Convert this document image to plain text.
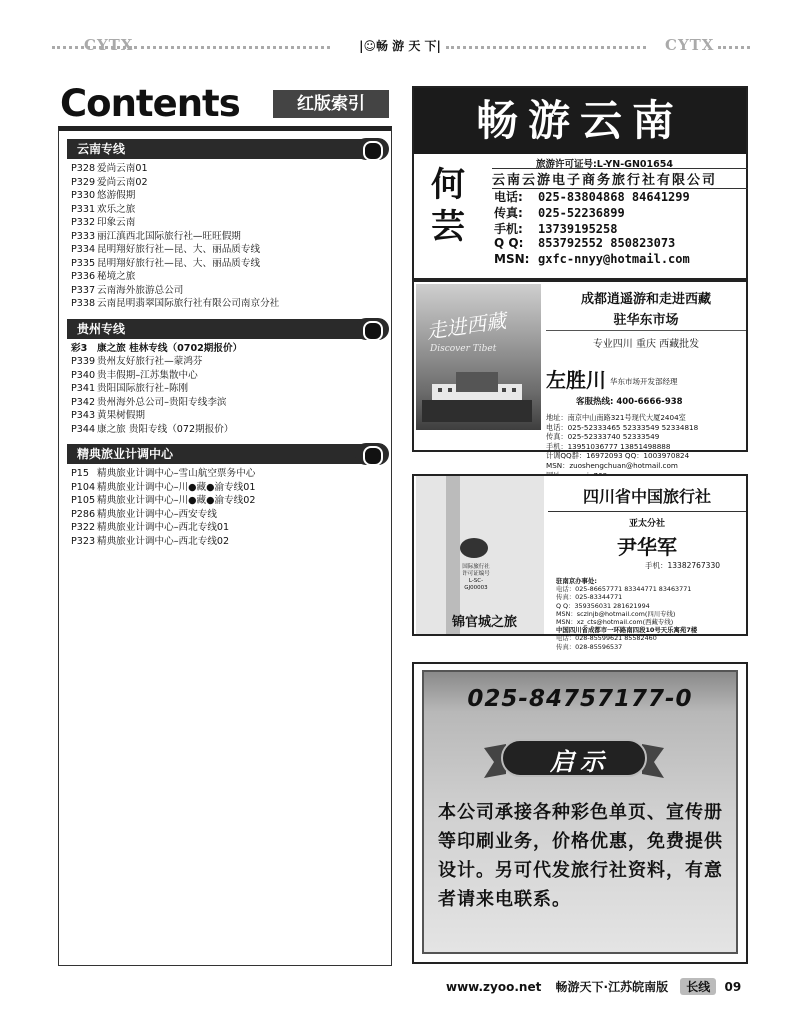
CYTX	|☺畅 游 天 下|	CYTX
Contents	红版索引
云南专线
P328 爱尚云南01
P329 爱尚云南02
P330 悠游假期
P331 欢乐之旅
P332 印象云南
P333 丽江滇西北国际旅行社—旺旺假期
P334 昆明翔好旅行社—昆、大、丽品质专线
P335 昆明翔好旅行社—昆、大、丽品质专线
P336 秘境之旅
P337 云南海外旅游总公司
P338 云南昆明翡翠国际旅行社有限公司南京分社
贵州专线
彩3 康之旅 桂林专线（0702期报价）
P339 贵州友好旅行社—蒙鸿芬
P340 贵丰假期–江苏集散中心
P341 贵阳国际旅行社–陈刚
P342 贵州海外总公司–贵阳专线李滨
P343 黄果树假期
P344 康之旅 贵阳专线（072期报价）
精典旅业计调中心
P15 精典旅业计调中心–雪山航空票务中心
P104 精典旅业计调中心–川●藏●渝专线01
P105 精典旅业计调中心–川●藏●渝专线02
P286 精典旅业计调中心–西安专线
P322 精典旅业计调中心–西北专线01
P323 精典旅业计调中心–西北专线02
畅游云南
何芸
旅游许可证号:L-YN-GN01654
云南云游电子商务旅行社有限公司
电话: 025-83804868 84641299
传真: 025-52236899
手机: 13739195258
Q Q: 853792552 850823073
MSN: gxfc-nnyy@hotmail.com
走进西藏
Discover Tibet
成都逍遥游和走进西藏
驻华东市场
专业四川 重庆 西藏批发
左胜川 华东市场开发部经理
客服热线: 400-6666-938
地址：南京中山南路321号现代大厦2404室
电话：025-52333465 52333549 52334818
传真：025-52333740 52333549
手机：13951036777 13851498888
计调QQ群：16972093 QQ：1003970824
MSN：zuoshengchuan@hotmail.com
国际旅行社
许可证编号
L-SC-GJ00003
锦官城之旅
四川省中国旅行社
亚太分社
尹华军
手机：13382767330
驻南京办事处:
电话：025-86657771 83344771 83463771
传真：025-83344771
Q Q：359356031 281621994
MSN：sczlnjb@hotmail.com(四川专线)
MSN：xz_cts@hotmail.com(西藏专线)
中国四川省成都市一环路南四段10号天乐寓苑7楼
电话：028-85599621 85582460
传真：028-85596537
025-84757177-0
启示
本公司承接各种彩色单页、宣传册等印刷业务，价格优惠，免费提供设计。另可代发旅行社资料，有意者请来电联系。
www.zyoo.net 畅游天下·江苏皖南版 长线 09
